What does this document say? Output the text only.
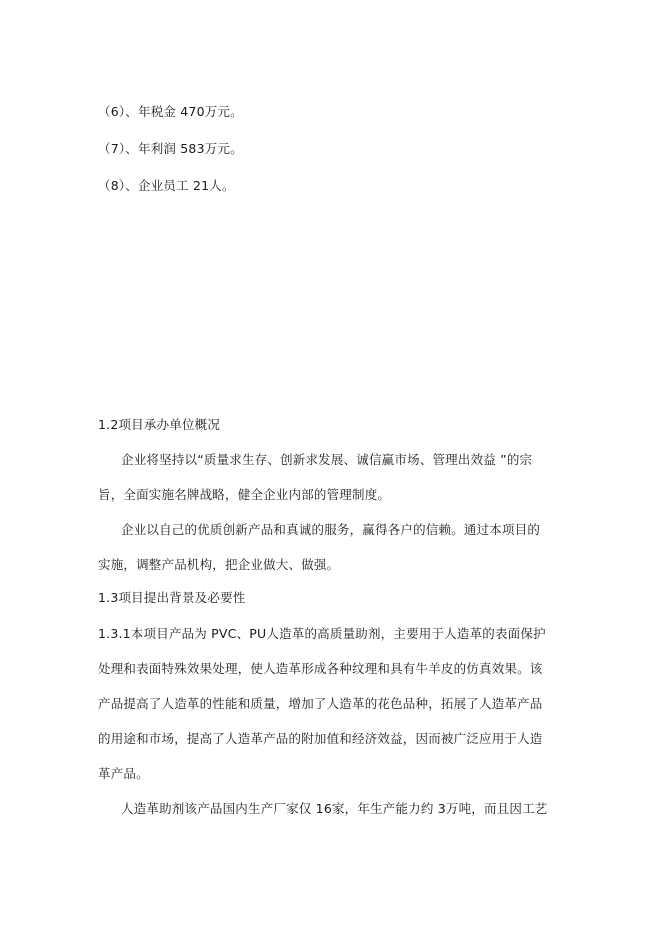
（6）、年税金 470万元。
（7）、年利润 583万元。
（8）、企业员工 21人。
1.2项目承办单位概况
企业将坚持以“质量求生存、创新求发展、诚信赢市场、管理出效益 ”的宗
旨，全面实施名牌战略，健全企业内部的管理制度。
企业以自己的优质创新产品和真诚的服务，赢得各户的信赖。通过本项目的
实施，调整产品机构，把企业做大、做强。
1.3项目提出背景及必要性
1.3.1本项目产品为 PVC、PU人造革的高质量助剂，主要用于人造革的表面保护
处理和表面特殊效果处理，使人造革形成各种纹理和具有牛羊皮的仿真效果。该
产品提高了人造革的性能和质量，增加了人造革的花色品种，拓展了人造革产品
的用途和市场，提高了人造革产品的附加值和经济效益，因而被广泛应用于人造
革产品。
人造革助剂该产品国内生产厂家仅 16家，年生产能力约 3万吨，而且因工艺
